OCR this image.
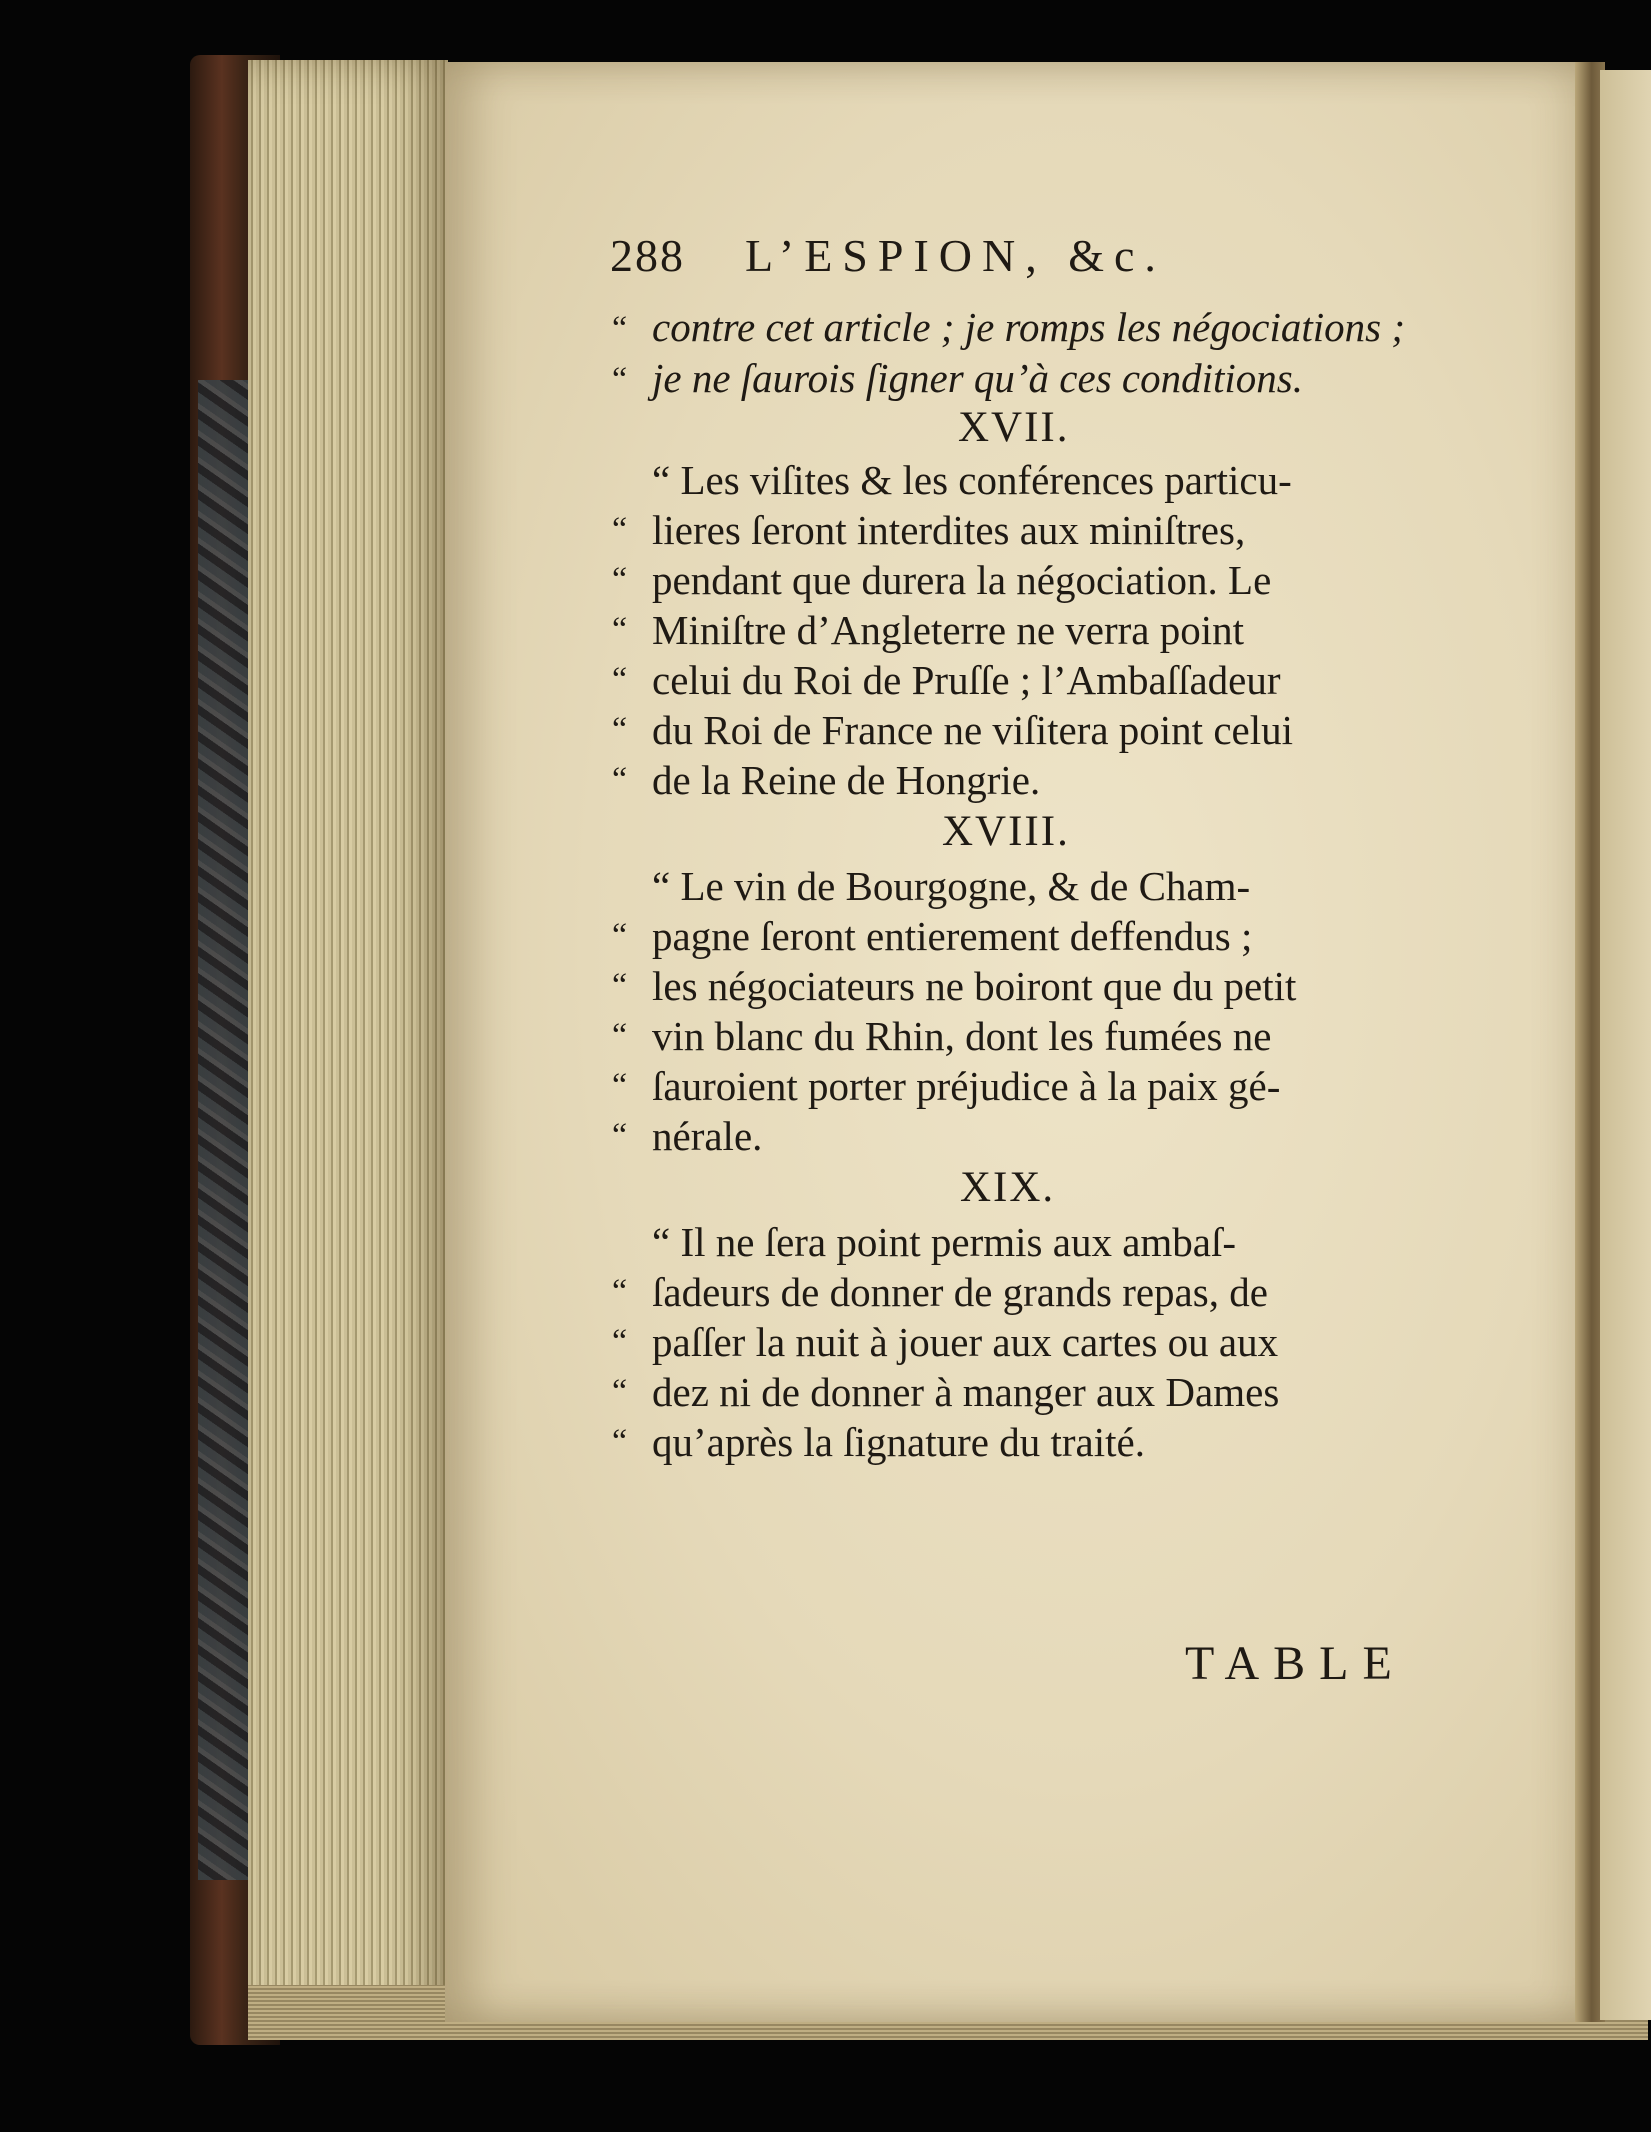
288 L’ESPION, &c.
“ contre cet article ; je romps les négociations ;
“ je ne ſaurois ſigner qu’à ces conditions.
XVII.
“ Les viſites & les conférences particu-
“ lieres ſeront interdites aux miniſtres,
“ pendant que durera la négociation. Le
“ Miniſtre d’Angleterre ne verra point
“ celui du Roi de Pruſſe ; l’Ambaſſadeur
“ du Roi de France ne viſitera point celui
“ de la Reine de Hongrie.
XVIII.
“ Le vin de Bourgogne, & de Cham-
“ pagne ſeront entierement deffendus ;
“ les négociateurs ne boiront que du petit
“ vin blanc du Rhin, dont les fumées ne
“ ſauroient porter préjudice à la paix gé-
“ nérale.
XIX.
“ Il ne ſera point permis aux ambaſ-
“ ſadeurs de donner de grands repas, de
“ paſſer la nuit à jouer aux cartes ou aux
“ dez ni de donner à manger aux Dames
“ qu’après la ſignature du traité.
TABLE
